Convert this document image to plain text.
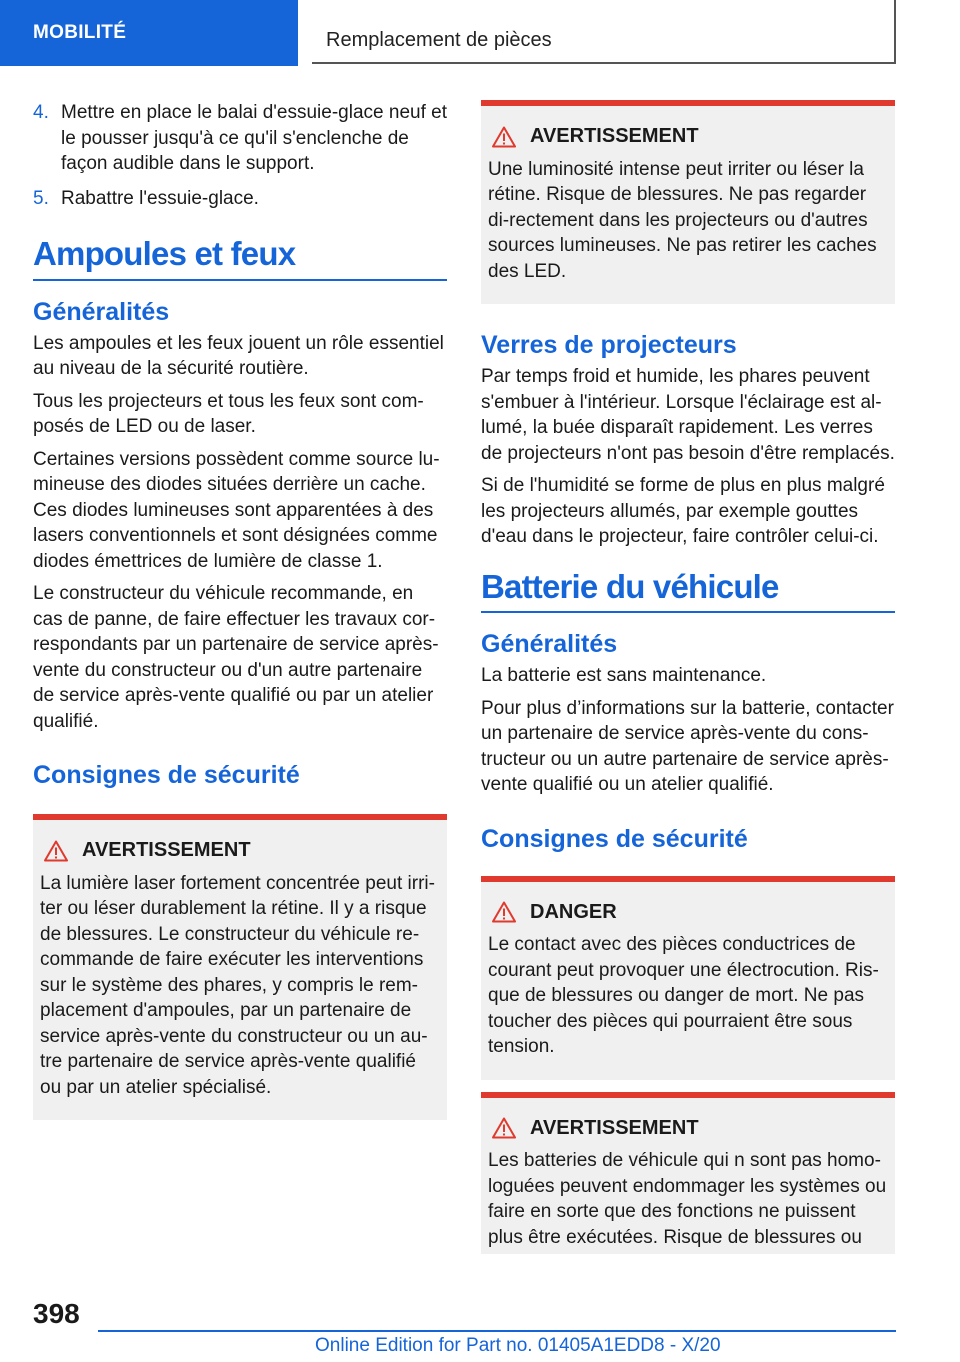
MOBILITÉ	Remplacement de pièces
4. Mettre en place le balai d'essuie-glace neuf et le pousser jusqu'à ce qu'il s'enclenche de façon audible dans le support.
5. Rabattre l'essuie-glace.
Ampoules et feux
Généralités

Les ampoules et les feux jouent un rôle essentiel au niveau de la sécurité routière.

Tous les projecteurs et tous les feux sont com-posés de LED ou de laser.

Certaines versions possèdent comme source lu-mineuse des diodes situées derrière un cache. Ces diodes lumineuses sont apparentées à des lasers conventionnels et sont désignées comme diodes émettrices de lumière de classe 1.

Le constructeur du véhicule recommande, en cas de panne, de faire effectuer les travaux cor-respondants par un partenaire de service après-vente du constructeur ou d'un autre partenaire de service après-vente qualifié ou par un atelier qualifié.

Consignes de sécurité
AVERTISSEMENT

La lumière laser fortement concentrée peut irri-ter ou léser durablement la rétine. Il y a risque de blessures. Le constructeur du véhicule re-commande de faire exécuter les interventions sur le système des phares, y compris le rem-placement d'ampoules, par un partenaire de service après-vente du constructeur ou un au-tre partenaire de service après-vente qualifié ou par un atelier spécialisé.

AVERTISSEMENT

Une luminosité intense peut irriter ou léser la rétine. Risque de blessures. Ne pas regarder di-rectement dans les projecteurs ou d'autres sources lumineuses. Ne pas retirer les caches des LED.

Verres de projecteurs

Par temps froid et humide, les phares peuvent s'embuer à l'intérieur. Lorsque l'éclairage est al-lumé, la buée disparaît rapidement. Les verres de projecteurs n'ont pas besoin d'être remplacés.

Si de l'humidité se forme de plus en plus malgré les projecteurs allumés, par exemple gouttes d'eau dans le projecteur, faire contrôler celui-ci.

Batterie du véhicule
Généralités

La batterie est sans maintenance.

Pour plus d’informations sur la batterie, contacter un partenaire de service après-vente du cons-tructeur ou un autre partenaire de service après-vente qualifié ou un atelier qualifié.

Consignes de sécurité
DANGER

Le contact avec des pièces conductrices de courant peut provoquer une électrocution. Ris-que de blessures ou danger de mort. Ne pas toucher des pièces qui pourraient être sous tension.

AVERTISSEMENT

Les batteries de véhicule qui n sont pas homo-loguées peuvent endommager les systèmes ou faire en sorte que des fonctions ne puissent plus être exécutées. Risque de blessures ou

398
Online Edition for Part no. 01405A1EDD8 - X/20
